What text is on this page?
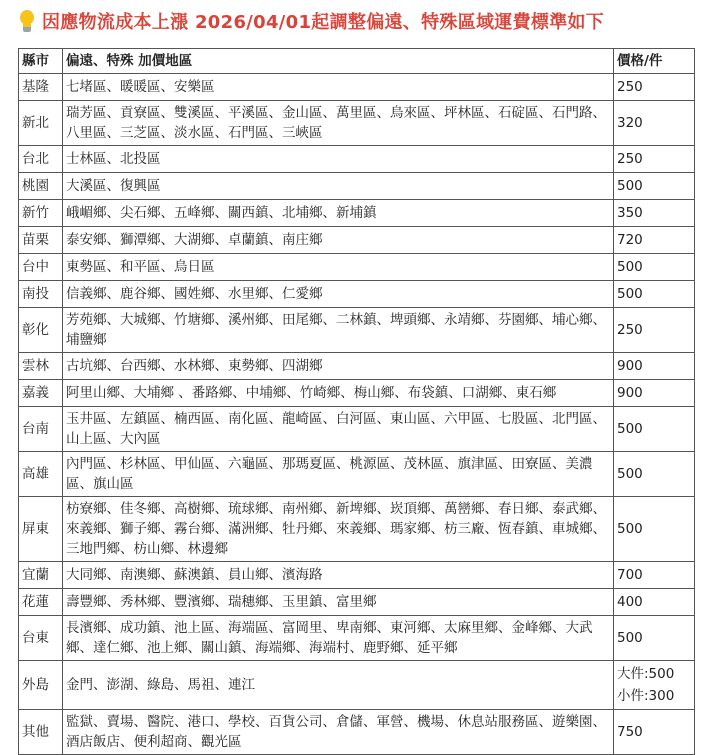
因應物流成本上漲 2026/04/01起調整偏遠、特殊區域運費標準如下
縣市	偏遠、特殊 加價地區	價格/件
基隆	七堵區、暖暖區、安樂區	250
新北	瑞芳區、貢寮區、雙溪區、平溪區、金山區、萬里區、烏來區、坪林區、石碇區、石門路、八里區、三芝區、淡水區、石門區、三峽區	320
台北	士林區、北投區	250
桃園	大溪區、復興區	500
新竹	峨嵋鄉、尖石鄉、五峰鄉、關西鎮、北埔鄉、新埔鎮	350
苗栗	泰安鄉、獅潭鄉、大湖鄉、卓蘭鎮、南庄鄉	720
台中	東勢區、和平區、烏日區	500
南投	信義鄉、鹿谷鄉、國姓鄉、水里鄉、仁愛鄉	500
彰化	芳苑鄉、大城鄉、竹塘鄉、溪州鄉、田尾鄉、二林鎮、埤頭鄉、永靖鄉、芬園鄉、埔心鄉、埔鹽鄉	250
雲林	古坑鄉、台西鄉、水林鄉、東勢鄉、四湖鄉	900
嘉義	阿里山鄉、大埔鄉 、番路鄉、中埔鄉、竹崎鄉、梅山鄉、布袋鎮、口湖鄉、東石鄉	900
台南	玉井區、左鎮區、楠西區、南化區、龍崎區、白河區、東山區、六甲區、七股區、北門區、山上區、大內區	500
高雄	內門區、杉林區、甲仙區、六龜區、那瑪夏區、桃源區、茂林區、旗津區、田寮區、美濃區、旗山區	500
屏東	枋寮鄉、佳冬鄉、高樹鄉、琉球鄉、南州鄉、新埤鄉、崁頂鄉、萬巒鄉、春日鄉、泰武鄉、來義鄉、獅子鄉、霧台鄉、滿洲鄉、牡丹鄉、來義鄉、瑪家鄉、枋三廠、恆春鎮、車城鄉、三地門鄉、枋山鄉、林邊鄉	500
宜蘭	大同鄉、南澳鄉、蘇澳鎮、員山鄉、濱海路	700
花蓮	壽豐鄉、秀林鄉、豐濱鄉、瑞穗鄉、玉里鎮、富里鄉	400
台東	長濱鄉、成功鎮、池上區、海端區、富岡里、卑南鄉、東河鄉、太麻里鄉、金峰鄉、大武鄉、達仁鄉、池上鄉、關山鎮、海端鄉、海端村、鹿野鄉、延平鄉	500
外島	金門、澎湖、綠島、馬祖、連江	大件:500
小件:300

其他	監獄、賣場、醫院、港口、學校、百貨公司、倉儲、軍營、機場、休息站服務區、遊樂園、酒店飯店、便利超商、觀光區	750
